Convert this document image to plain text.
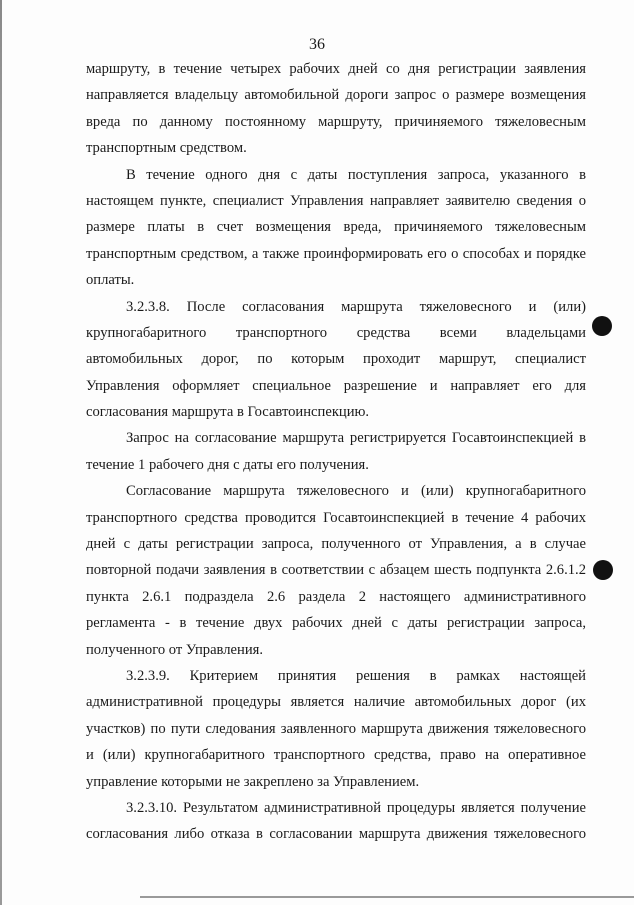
36
маршруту, в течение четырех рабочих дней со дня регистрации заявления
направляется владельцу автомобильной дороги запрос о размере возмещения
вреда по данному постоянному маршруту, причиняемого тяжеловесным
транспортным средством.
В течение одного дня с даты поступления запроса, указанного в
настоящем пункте, специалист Управления направляет заявителю сведения о
размере платы в счет возмещения вреда, причиняемого тяжеловесным
транспортным средством, а также проинформировать его о способах и порядке
оплаты.
3.2.3.8. После согласования маршрута тяжеловесного и (или)
крупногабаритного транспортного средства всеми владельцами
автомобильных дорог, по которым проходит маршрут, специалист
Управления оформляет специальное разрешение и направляет его для
согласования маршрута в Госавтоинспекцию.
Запрос на согласование маршрута регистрируется Госавтоинспекцией в
течение 1 рабочего дня с даты его получения.
Согласование маршрута тяжеловесного и (или) крупногабаритного
транспортного средства проводится Госавтоинспекцией в течение 4 рабочих
дней с даты регистрации запроса, полученного от Управления, а в случае
повторной подачи заявления в соответствии с абзацем шесть подпункта 2.6.1.2
пункта 2.6.1 подраздела 2.6 раздела 2 настоящего административного
регламента - в течение двух рабочих дней с даты регистрации запроса,
полученного от Управления.
3.2.3.9. Критерием принятия решения в рамках настоящей
административной процедуры является наличие автомобильных дорог (их
участков) по пути следования заявленного маршрута движения тяжеловесного
и (или) крупногабаритного транспортного средства, право на оперативное
управление которыми не закреплено за Управлением.
3.2.3.10. Результатом административной процедуры является получение
согласования либо отказа в согласовании маршрута движения тяжеловесного
